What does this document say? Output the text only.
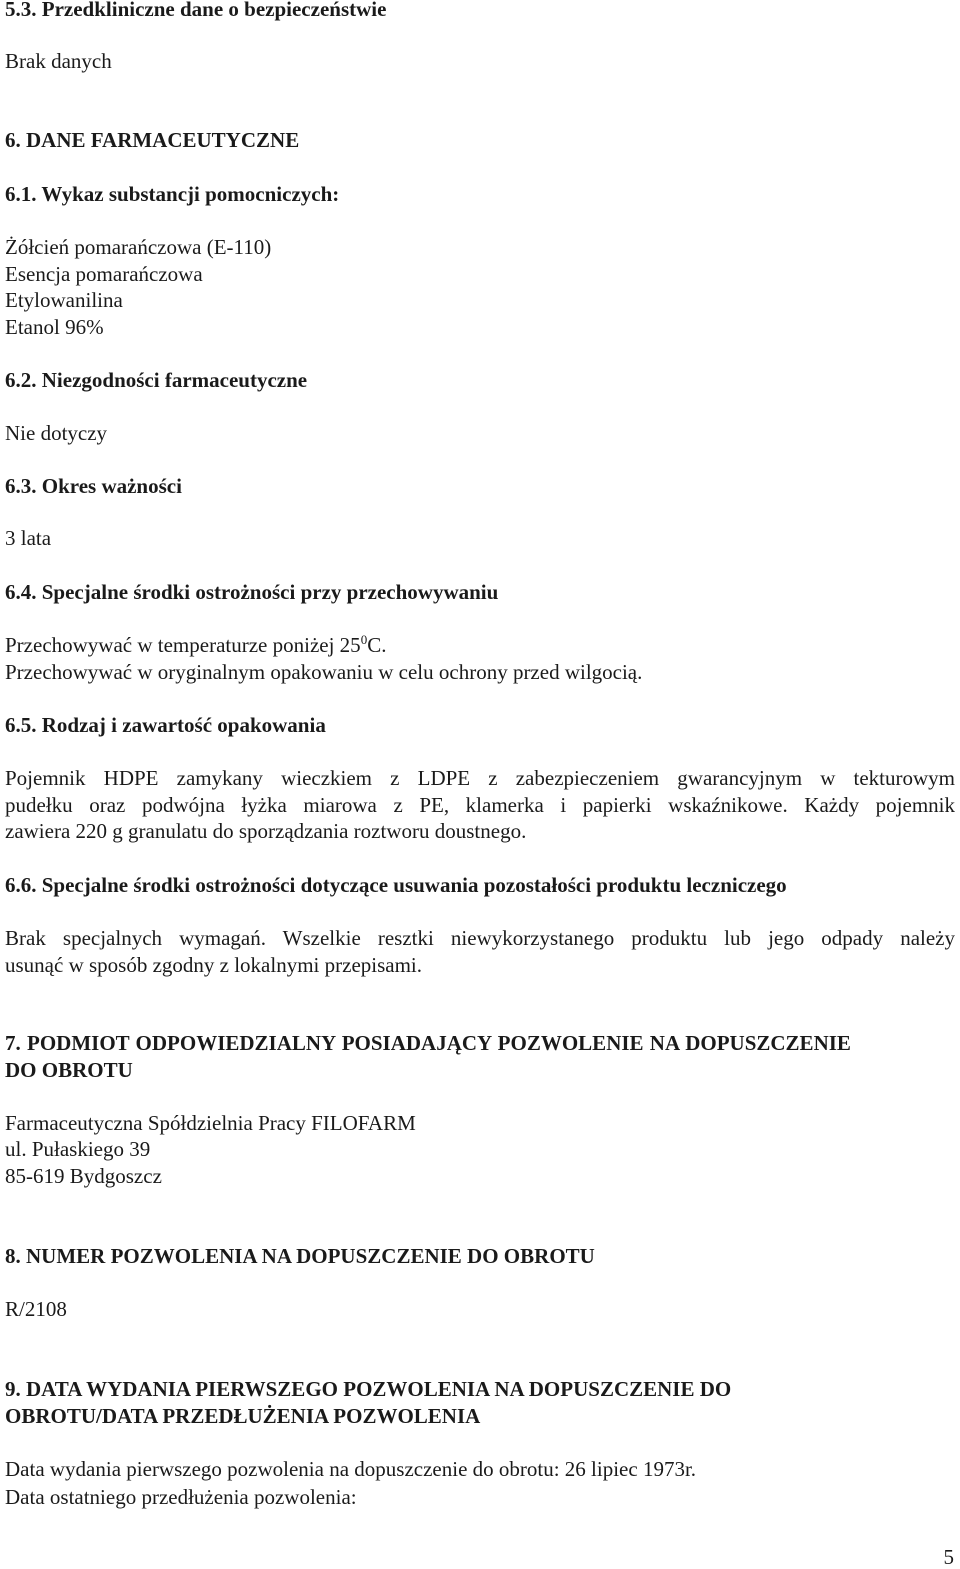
5.3. Przedkliniczne dane o bezpieczeństwie
Brak danych
6. DANE FARMACEUTYCZNE
6.1. Wykaz substancji pomocniczych:
Żółcień pomarańczowa (E-110)
Esencja pomarańczowa
Etylowanilina
Etanol 96%
6.2. Niezgodności farmaceutyczne
Nie dotyczy
6.3. Okres ważności
3 lata
6.4. Specjalne środki ostrożności przy przechowywaniu
Przechowywać w temperaturze poniżej $25^0C$.
Przechowywać w oryginalnym opakowaniu w celu ochrony przed wilgocią.
6.5. Rodzaj i zawartość opakowania
Pojemnik HDPE zamykany wieczkiem z LDPE z zabezpieczeniem gwarancyjnym w tekturowym
pudełku oraz podwójna łyżka miarowa z PE, klamerka i papierki wskaźnikowe. Każdy pojemnik
zawiera 220 g granulatu do sporządzania roztworu doustnego.
6.6. Specjalne środki ostrożności dotyczące usuwania pozostałości produktu leczniczego
Brak specjalnych wymagań. Wszelkie resztki niewykorzystanego produktu lub jego odpady należy
usunąć w sposób zgodny z lokalnymi przepisami.
7. PODMIOT ODPOWIEDZIALNY POSIADAJĄCY POZWOLENIE NA DOPUSZCZENIE
DO OBROTU
Farmaceutyczna Spółdzielnia Pracy FILOFARM
ul. Pułaskiego 39
85-619 Bydgoszcz
8. NUMER POZWOLENIA NA DOPUSZCZENIE DO OBROTU
R/2108
9. DATA WYDANIA PIERWSZEGO POZWOLENIA NA DOPUSZCZENIE DO
OBROTU/DATA PRZEDŁUŻENIA POZWOLENIA
Data wydania pierwszego pozwolenia na dopuszczenie do obrotu: 26 lipiec 1973r.
Data ostatniego przedłużenia pozwolenia:
5
